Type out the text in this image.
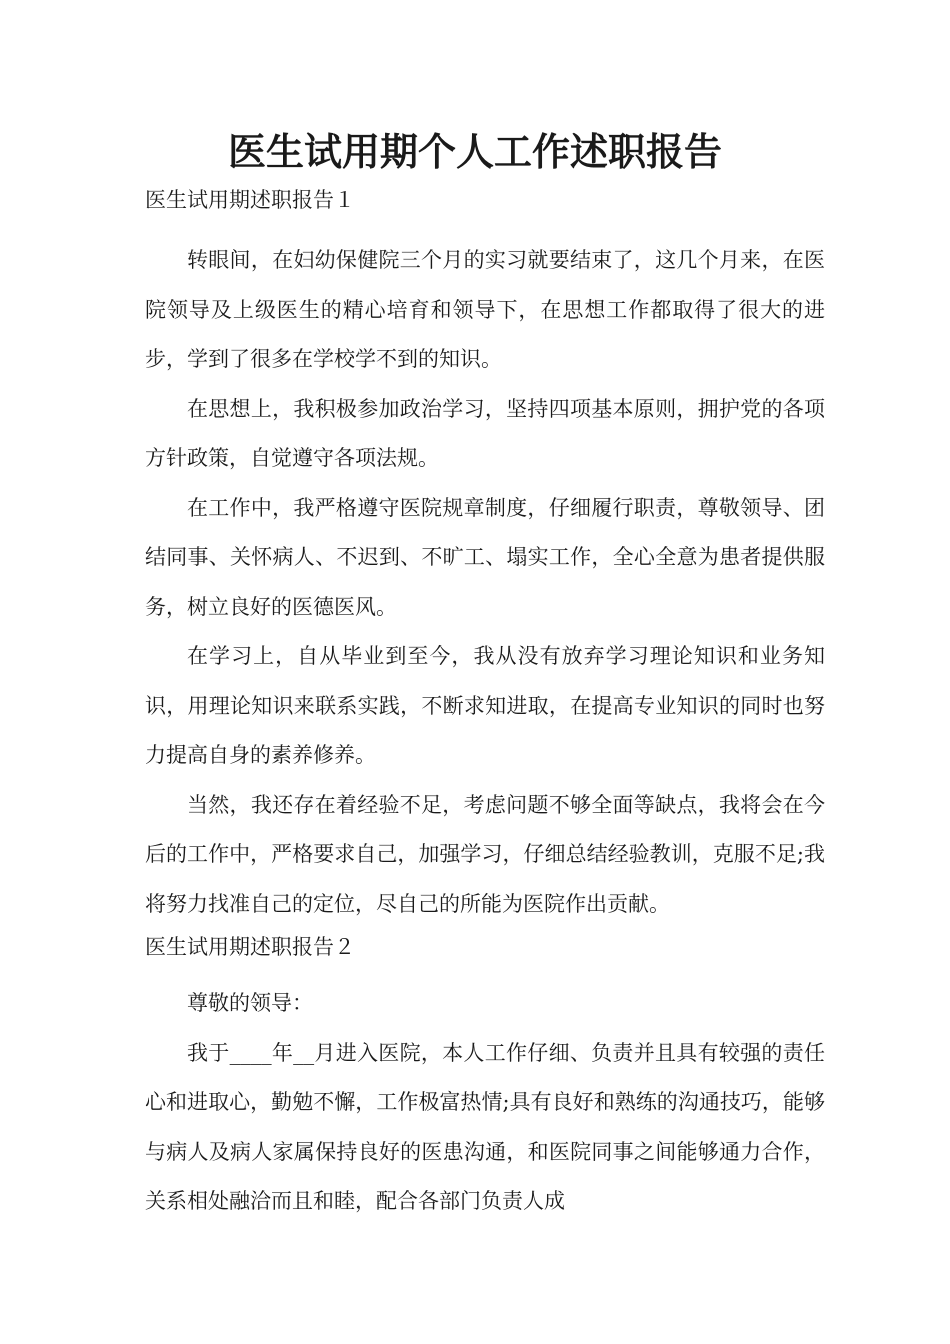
医生试用期个人工作述职报告

医生试用期述职报告１

转眼间，在妇幼保健院三个月的实习就要结束了，这几个月来，在医院领导及上级医生的精心培育和领导下，在思想工作都取得了很大的进步，学到了很多在学校学不到的知识。

在思想上，我积极参加政治学习，坚持四项基本原则，拥护党的各项方针政策，自觉遵守各项法规。

在工作中，我严格遵守医院规章制度，仔细履行职责，尊敬领导、团结同事、关怀病人、不迟到、不旷工、塌实工作，全心全意为患者提供服务，树立良好的医德医风。

在学习上，自从毕业到至今，我从没有放弃学习理论知识和业务知识，用理论知识来联系实践，不断求知进取，在提高专业知识的同时也努力提高自身的素养修养。

当然，我还存在着经验不足，考虑问题不够全面等缺点，我将会在今后的工作中，严格要求自己，加强学习，仔细总结经验教训，克服不足;我将努力找准自己的定位，尽自己的所能为医院作出贡献。

医生试用期述职报告２

尊敬的领导：

我于____年__月进入医院，本人工作仔细、负责并且具有较强的责任心和进取心，勤勉不懈，工作极富热情;具有良好和熟练的沟通技巧，能够与病人及病人家属保持良好的医患沟通，和医院同事之间能够通力合作，关系相处融洽而且和睦，配合各部门负责人成
